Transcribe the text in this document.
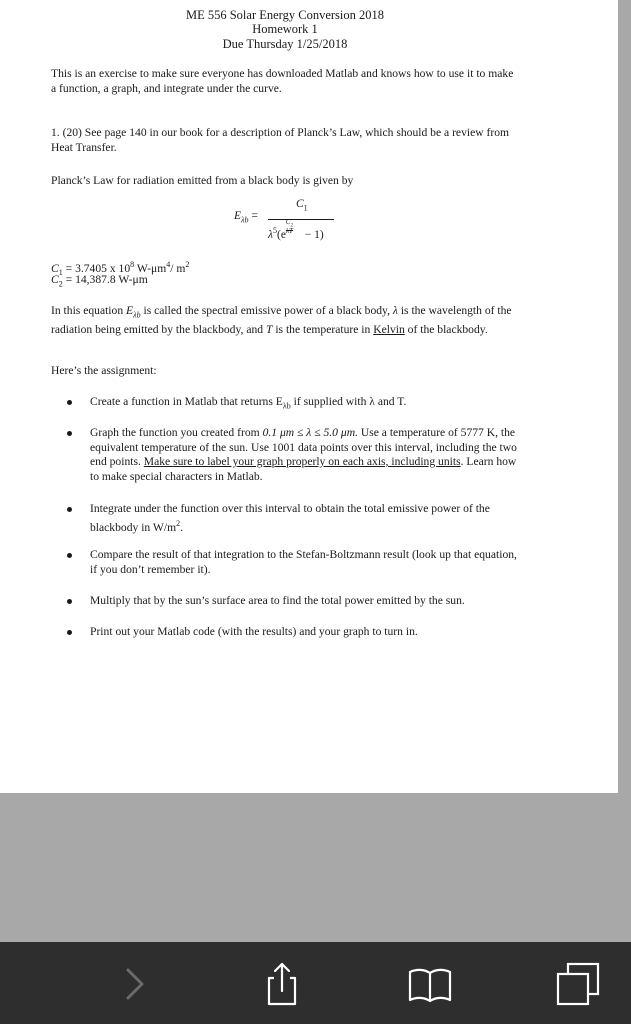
ME 556 Solar Energy Conversion 2018
Homework 1
Due Thursday 1/25/2018
This is an exercise to make sure everyone has downloaded Matlab and knows how to use it to make a function, a graph, and integrate under the curve.
1. (20) See page 140 in our book for a description of Planck’s Law, which should be a review from Heat Transfer.
Planck’s Law for radiation emitted from a black body is given by
$E_{\lambda b}$ =
$C_1$
$\lambda^5(e$
$C_2$
λT − 1)
$C_1 = 3.7405$ x $10^8$ $W-\mu m^4/$ $m^2$
$C_2 = 14,387.8$ W-μm
In this equation $E_{\lambda b}$ is called the spectral emissive power of a black body, λ is the wavelength of the radiation being emitted by the blackbody, and T is the temperature in Kelvin of the blackbody.
Here’s the assignment:
Create a function in Matlab that returns $E_{\lambda b}$ if supplied with λ and T.
Graph the function you created from 0.1 μm ≤ λ ≤ 5.0 μm. Use a temperature of 5777 K, the equivalent temperature of the sun. Use 1001 data points over this interval, including the two end points. Make sure to label your graph properly on each axis, including units. Learn how to make special characters in Matlab.
Integrate under the function over this interval to obtain the total emissive power of the blackbody in $W/m^2$.
Compare the result of that integration to the Stefan-Boltzmann result (look up that equation, if you don’t remember it).
Multiply that by the sun’s surface area to find the total power emitted by the sun.
Print out your Matlab code (with the results) and your graph to turn in.
